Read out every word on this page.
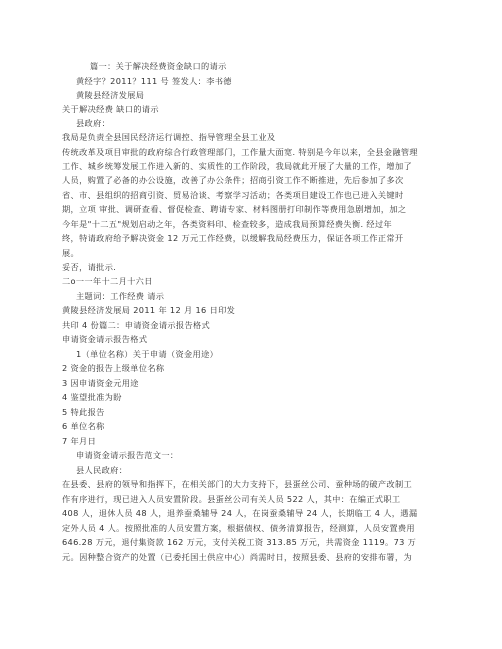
篇一：关于解决经费资金缺口的请示
黄经字？2011？111 号 签发人：李书德
黄陵县经济发展局
关于解决经费 缺口的请示
县政府：
我局是负责全县国民经济运行调控、指导管理全县工业及
传统改革及项目审批的政府综合行政管理部门，工作量大面宽. 特别是今年以来，全县金融管理
工作、城乡统筹发展工作进入新的、实质性的工作阶段，我局就此开展了大量的工作，增加了
人员，购置了必备的办公设施，改善了办公条件；招商引资工作不断推进，先后参加了多次
省、市、县组织的招商引资、贸易洽谈、考察学习活动；各类项目建设工作也已进入关键时
期，立项 审批、调研查看、督促检查、聘请专家、材料图册打印制作等费用急剧增加，加之
今年是"十二五"规划启动之年，各类资料印、检查较多，造成我局预算经费失衡. 经过年
终，特请政府给予解决资金 12 万元工作经费，以缓解我局经费压力，保证各项工作正常开
展。
妥否，请批示.
二o一一年十二月十六日
主题词：工作经费 请示
黄陵县经济发展局 2011 年 12 月 16 日印发
共印 4 份篇二：申请资金请示报告格式
申请资金请示报告格式
1（单位名称）关于申请（资金用途）
2 资金的报告上级单位名称
3 因申请资金元用途
4 鉴望批准为盼
5 特此报告
6 单位名称
7 年月日
申请资金请示报告范文一：
县人民政府：
在县委、县府的领导和指挥下，在相关部门的大力支持下，县蛋丝公司、蚕种场的破产改制工
作有序进行，现已进入人员安置阶段。县蛋丝公司有关人员 522 人，其中：在编正式职工
408 人，退休人员 48 人，退养蚕桑辅导 24 人，在岗蚕桑辅导 24 人，长期临工 4 人，遇漏
定外人员 4 人。按照批准的人员安置方案，根据债权、债务清算报告，经测算，人员安置费用
646.28 万元，退付集资款 162 万元，支付关税工资 313.85 万元，共需资金 1119。73 万
元。因种整合资产的处置（已委托国土供应中心）尚需时日，按照县委、县府的安排布署，为
